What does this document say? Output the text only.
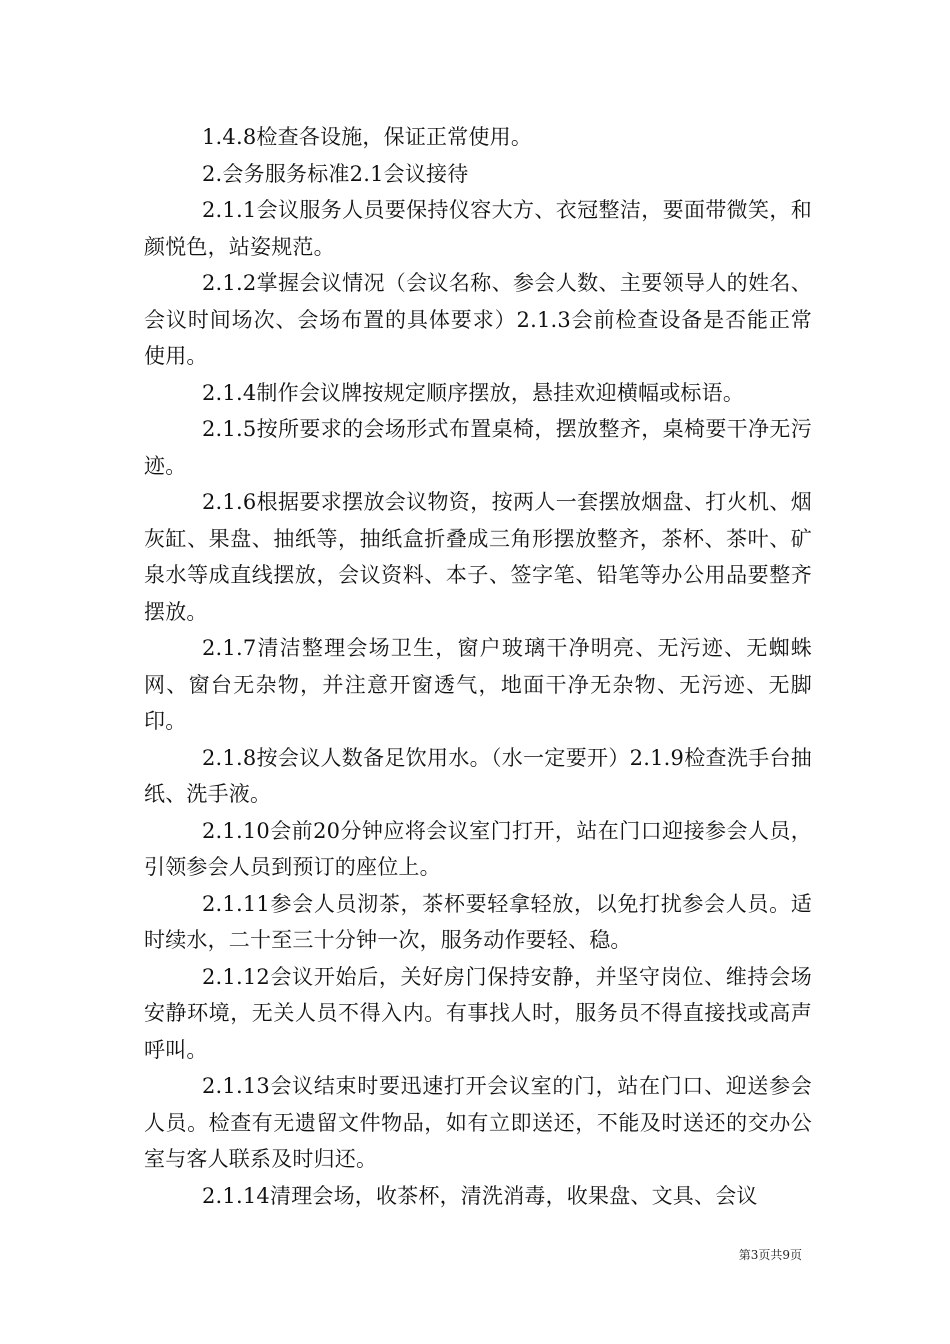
1.4.8检查各设施，保证正常使用。

2.会务服务标准2.1会议接待

2.1.1会议服务人员要保持仪容大方、衣冠整洁，要面带微笑，和颜悦色，站姿规范。

2.1.2掌握会议情况（会议名称、参会人数、主要领导人的姓名、会议时间场次、会场布置的具体要求）2.1.3会前检查设备是否能正常使用。

2.1.4制作会议牌按规定顺序摆放，悬挂欢迎横幅或标语。

2.1.5按所要求的会场形式布置桌椅，摆放整齐，桌椅要干净无污迹。

2.1.6根据要求摆放会议物资，按两人一套摆放烟盘、打火机、烟灰缸、果盘、抽纸等，抽纸盒折叠成三角形摆放整齐，茶杯、茶叶、矿泉水等成直线摆放，会议资料、本子、签字笔、铅笔等办公用品要整齐摆放。

2.1.7清洁整理会场卫生，窗户玻璃干净明亮、无污迹、无蜘蛛网、窗台无杂物，并注意开窗透气，地面干净无杂物、无污迹、无脚印。

2.1.8按会议人数备足饮用水。（水一定要开）2.1.9检查洗手台抽纸、洗手液。

2.1.10会前20分钟应将会议室门打开，站在门口迎接参会人员，引领参会人员到预订的座位上。

2.1.11参会人员沏茶，茶杯要轻拿轻放，以免打扰参会人员。适时续水，二十至三十分钟一次，服务动作要轻、稳。

2.1.12会议开始后，关好房门保持安静，并坚守岗位、维持会场安静环境，无关人员不得入内。有事找人时，服务员不得直接找或高声呼叫。

2.1.13会议结束时要迅速打开会议室的门，站在门口、迎送参会人员。检查有无遗留文件物品，如有立即送还，不能及时送还的交办公室与客人联系及时归还。

2.1.14清理会场，收茶杯，清洗消毒，收果盘、文具、会议

第3页共9页
